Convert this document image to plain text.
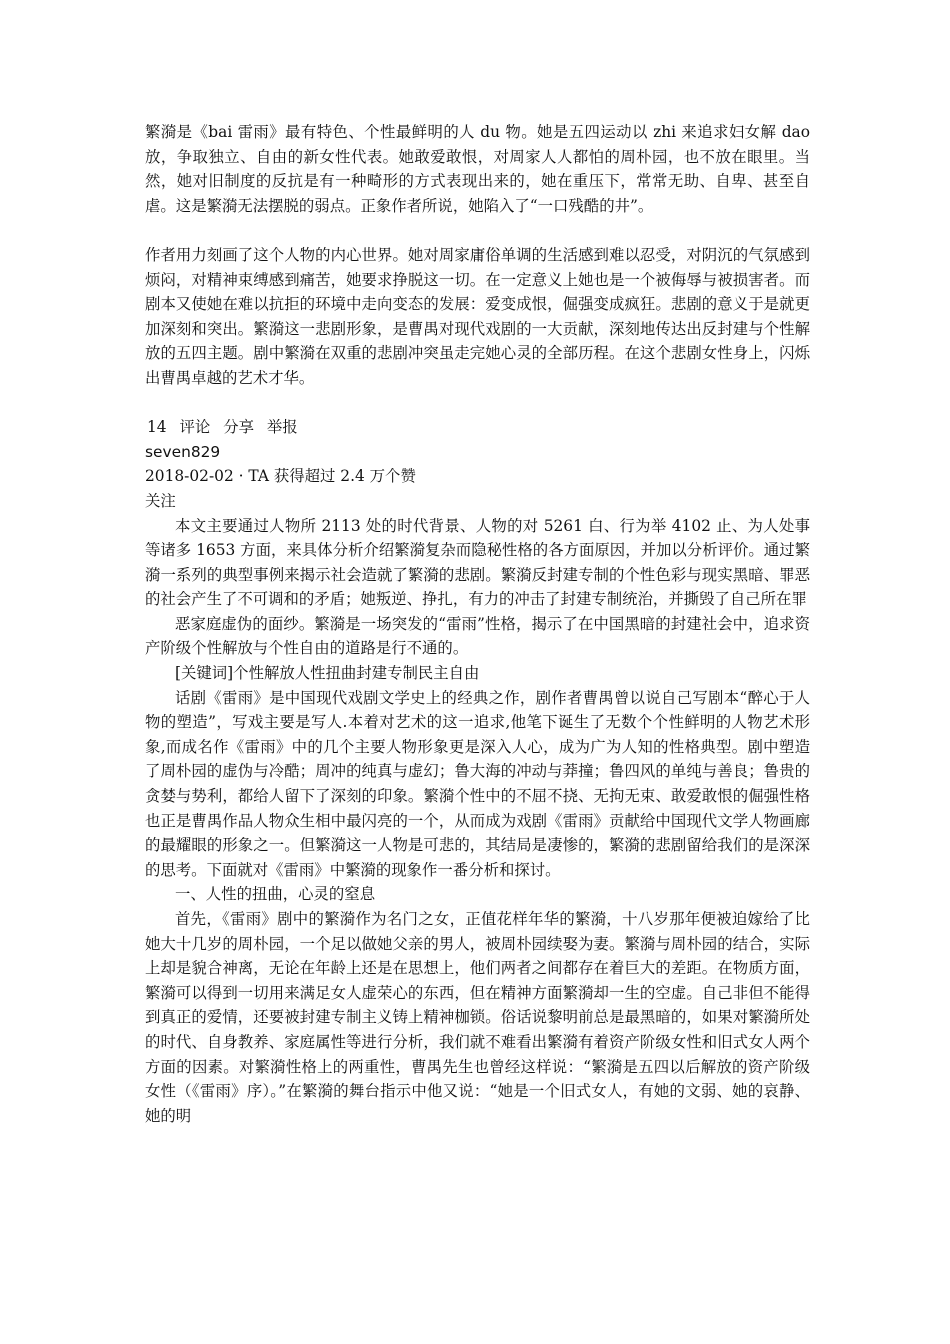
繁漪是《bai 雷雨》最有特色、个性最鲜明的人 du 物。她是五四运动以 zhi 来追求妇女解 dao 放，争取独立、自由的新女性代表。她敢爱敢恨，对周家人人都怕的周朴园，也不放在眼里。当然，她对旧制度的反抗是有一种畸形的方式表现出来的，她在重压下，常常无助、自卑、甚至自虐。这是繁漪无法摆脱的弱点。正象作者所说，她陷入了“一口残酷的井”。

作者用力刻画了这个人物的内心世界。她对周家庸俗单调的生活感到难以忍受，对阴沉的气氛感到烦闷，对精神束缚感到痛苦，她要求挣脱这一切。在一定意义上她也是一个被侮辱与被损害者。而剧本又使她在难以抗拒的环境中走向变态的发展：爱变成恨，倔强变成疯狂。悲剧的意义于是就更加深刻和突出。繁漪这一悲剧形象，是曹禺对现代戏剧的一大贡献，深刻地传达出反封建与个性解放的五四主题。剧中繁漪在双重的悲剧冲突虽走完她心灵的全部历程。在这个悲剧女性身上，闪烁出曹禺卓越的艺术才华。

14 评论 分享 举报
seven829
2018-02-02 · TA 获得超过 2.4 万个赞
关注

本文主要通过人物所 2113 处的时代背景、人物的对 5261 白、行为举 4102 止、为人处事等诸多 1653 方面，来具体分析介绍繁漪复杂而隐秘性格的各方面原因，并加以分析评价。通过繁漪一系列的典型事例来揭示社会造就了繁漪的悲剧。繁漪反封建专制的个性色彩与现实黑暗、罪恶的社会产生了不可调和的矛盾；她叛逆、挣扎，有力的冲击了封建专制统治，并撕毁了自己所在罪

恶家庭虚伪的面纱。繁漪是一场突发的“雷雨”性格，揭示了在中国黑暗的封建社会中，追求资产阶级个性解放与个性自由的道路是行不通的。

[关键词]个性解放人性扭曲封建专制民主自由

话剧《雷雨》是中国现代戏剧文学史上的经典之作，剧作者曹禺曾以说自己写剧本“醉心于人物的塑造”，写戏主要是写人.本着对艺术的这一追求,他笔下诞生了无数个个性鲜明的人物艺术形象,而成名作《雷雨》中的几个主要人物形象更是深入人心，成为广为人知的性格典型。剧中塑造了周朴园的虚伪与冷酷；周冲的纯真与虚幻；鲁大海的冲动与莽撞；鲁四风的单纯与善良；鲁贵的贪婪与势利，都给人留下了深刻的印象。繁漪个性中的不屈不挠、无拘无束、敢爱敢恨的倔强性格也正是曹禺作品人物众生相中最闪亮的一个，从而成为戏剧《雷雨》贡献给中国现代文学人物画廊的最耀眼的形象之一。但繁漪这一人物是可悲的，其结局是凄惨的，繁漪的悲剧留给我们的是深深的思考。下面就对《雷雨》中繁漪的现象作一番分析和探讨。

一、人性的扭曲，心灵的窒息

首先，《雷雨》剧中的繁漪作为名门之女，正值花样年华的繁漪，十八岁那年便被迫嫁给了比她大十几岁的周朴园，一个足以做她父亲的男人，被周朴园续娶为妻。繁漪与周朴园的结合，实际上却是貌合神离，无论在年龄上还是在思想上，他们两者之间都存在着巨大的差距。在物质方面，繁漪可以得到一切用来满足女人虚荣心的东西，但在精神方面繁漪却一生的空虚。自己非但不能得到真正的爱情，还要被封建专制主义铸上精神枷锁。俗话说黎明前总是最黑暗的，如果对繁漪所处的时代、自身教养、家庭属性等进行分析，我们就不难看出繁漪有着资产阶级女性和旧式女人两个方面的因素。对繁漪性格上的两重性，曹禺先生也曾经这样说：“繁漪是五四以后解放的资产阶级女性（《雷雨》序）。”在繁漪的舞台指示中他又说：“她是一个旧式女人，有她的文弱、她的哀静、她的明
